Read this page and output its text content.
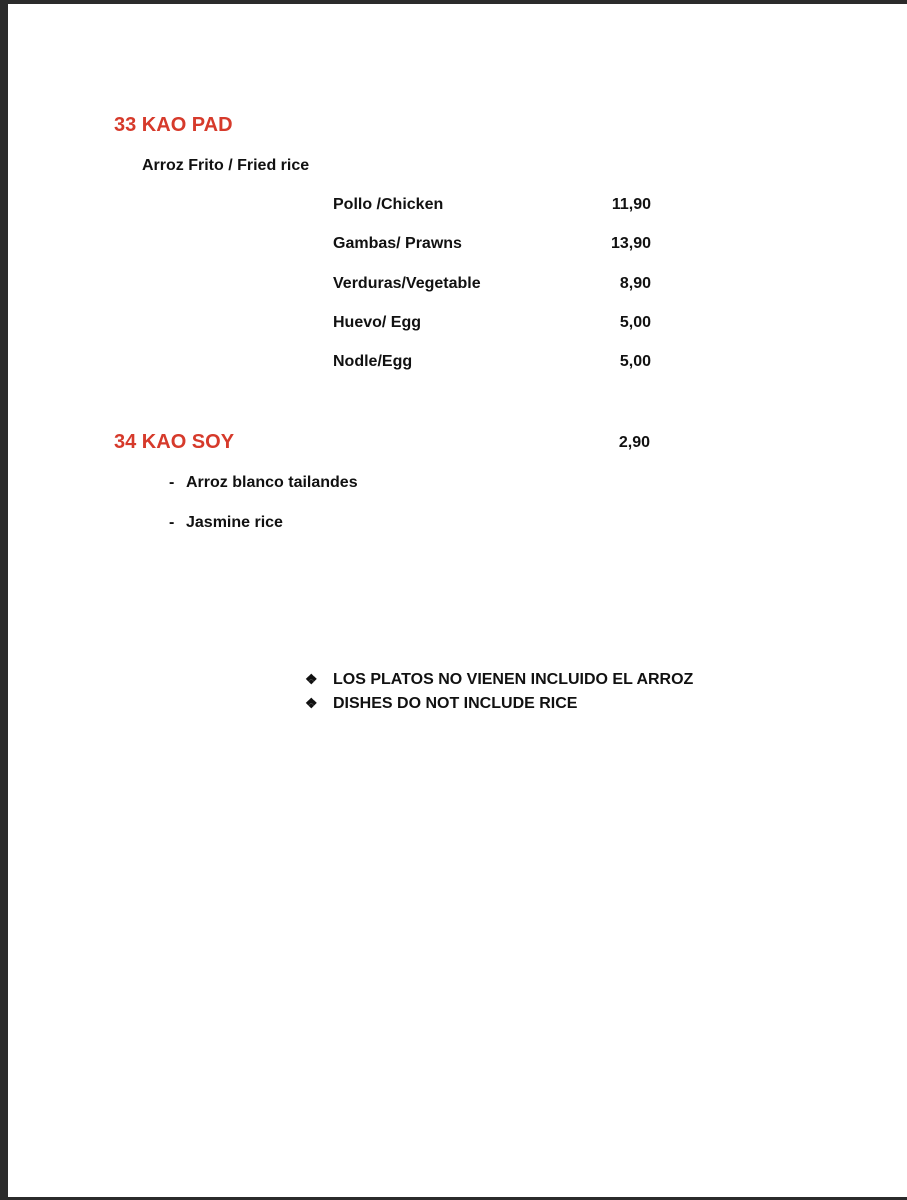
33 KAO PAD
Arroz Frito / Fried rice
Pollo /Chicken	11,90
Gambas/ Prawns	13,90
Verduras/Vegetable	8,90
Huevo/ Egg	5,00
Nodle/Egg	5,00
34 KAO SOY	2,90
- Arroz blanco tailandes
- Jasmine rice
❖ LOS PLATOS NO VIENEN INCLUIDO EL ARROZ
❖ DISHES DO NOT INCLUDE RICE
